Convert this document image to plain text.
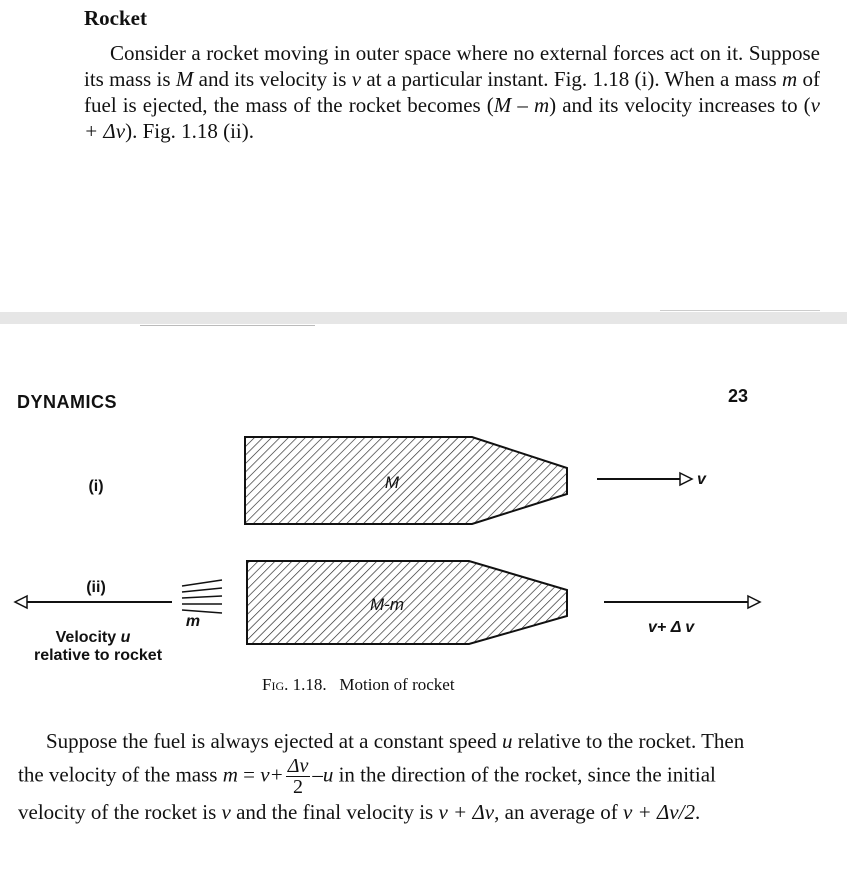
Rocket
Consider a rocket moving in outer space where no external forces act on it. Suppose its mass is M and its velocity is v at a particular instant. Fig. 1.18 (i). When a mass m of fuel is ejected, the mass of the rocket becomes (M – m) and its velocity increases to (v + Δv). Fig. 1.18 (ii).
DYNAMICS	23
M
(i)	v
M-m
(ii)
m	v+ Δ v
Velocity u
relative to rocket
Fig. 1.18. Motion of rocket
Suppose the fuel is always ejected at a constant speed u relative to the rocket. Then the velocity of the mass $m = v+ \frac{\Delta v}{2} -u$ in the direction of the rocket, since the initial velocity of the rocket is v and the final velocity is v + Δv, an average of v + Δv/2.
